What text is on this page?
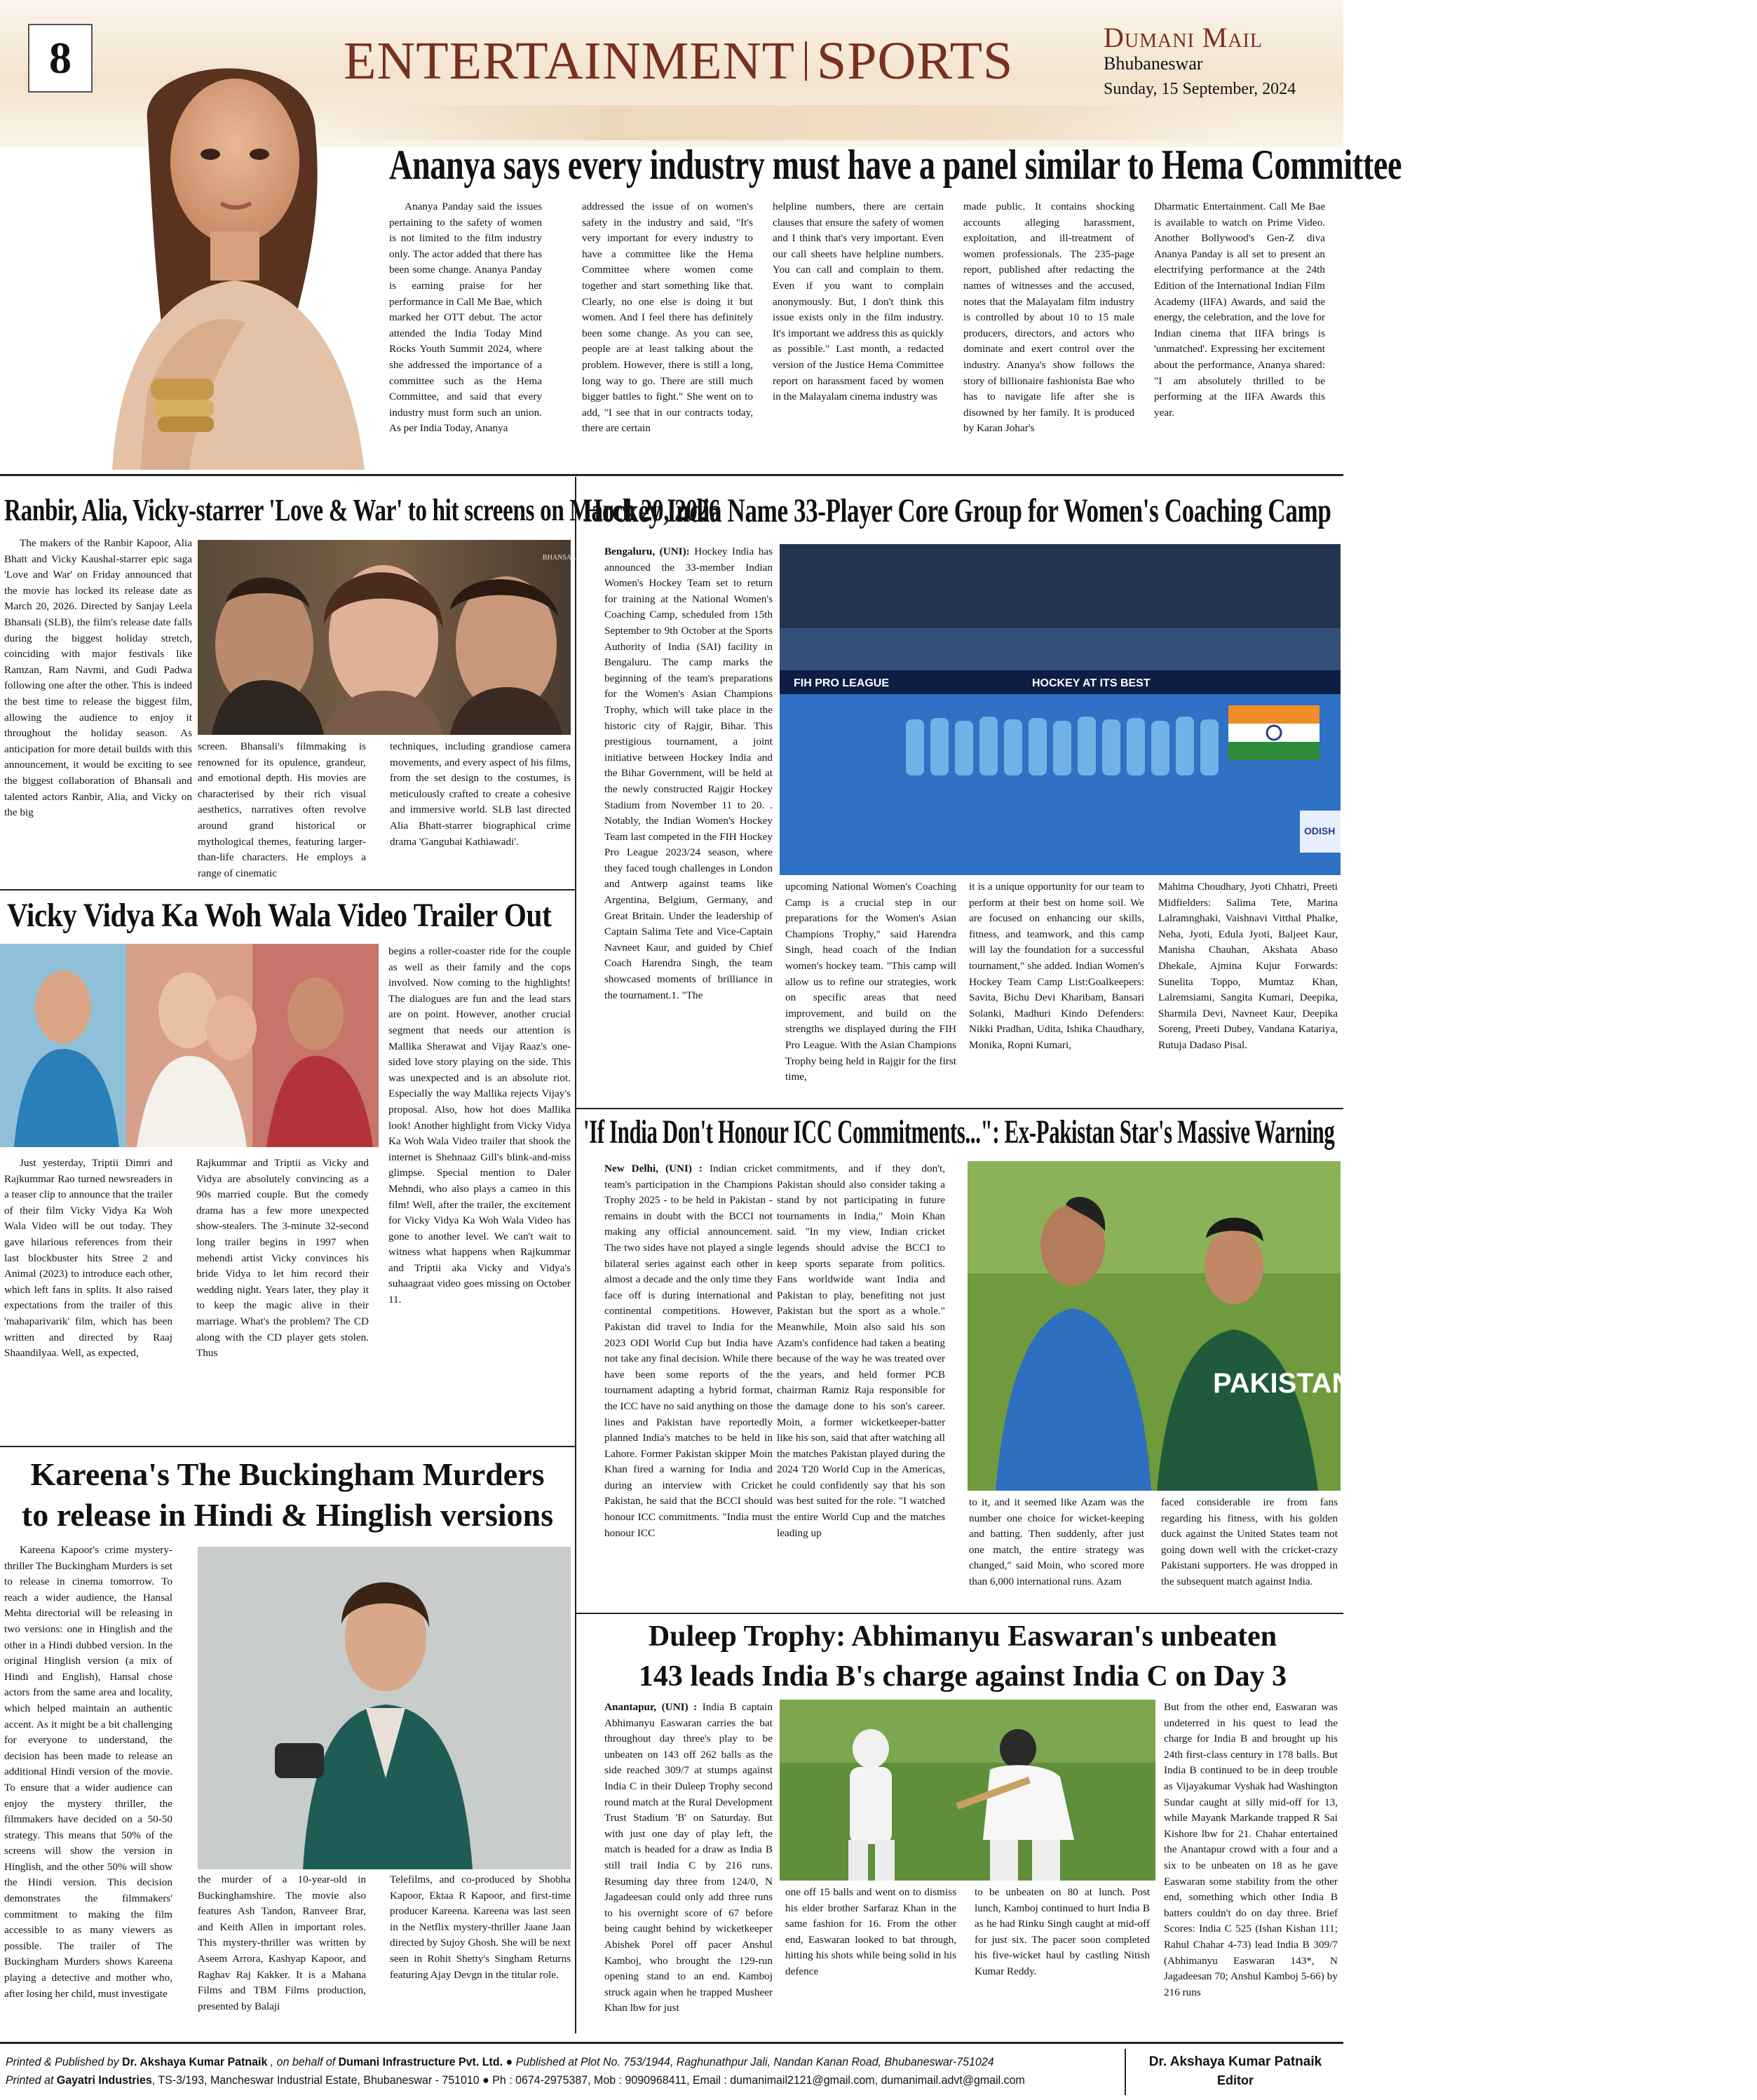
8	ENTERTAINMENT SPORTS	Dumani Mail
Bhubaneswar
Sunday, 15 September, 2024
Ananya says every industry must have a panel similar to Hema Committee

Ananya Panday said the issues pertaining to the safety of women is not limited to the film industry only. The actor added that there has been some change. Ananya Panday is earning praise for her performance in Call Me Bae, which marked her OTT debut. The actor attended the India Today Mind Rocks Youth Summit 2024, where she addressed the importance of a committee such as the Hema Committee, and said that every industry must form such an union. As per India Today, Ananya

addressed the issue of on women's safety in the industry and said, "It's very important for every industry to have a committee like the Hema Committee where women come together and start something like that. Clearly, no one else is doing it but women. And I feel there has definitely been some change. As you can see, people are at least talking about the problem. However, there is still a long, long way to go. There are still much bigger battles to fight." She went on to add, "I see that in our contracts today, there are certain

helpline numbers, there are certain clauses that ensure the safety of women and I think that's very important. Even our call sheets have helpline numbers. You can call and complain to them. Even if you want to complain anonymously. But, I don't think this issue exists only in the film industry. It's important we address this as quickly as possible." Last month, a redacted version of the Justice Hema Committee report on harassment faced by women in the Malayalam cinema industry was

made public. It contains shocking accounts alleging harassment, exploitation, and ill-treatment of women professionals. The 235-page report, published after redacting the names of witnesses and the accused, notes that the Malayalam film industry is controlled by about 10 to 15 male producers, directors, and actors who dominate and exert control over the industry. Ananya's show follows the story of billionaire fashionista Bae who has to navigate life after she is disowned by her family. It is produced by Karan Johar's

Dharmatic Entertainment. Call Me Bae is available to watch on Prime Video. Another Bollywood's Gen-Z diva Ananya Panday is all set to present an electrifying performance at the 24th Edition of the International Indian Film Academy (IIFA) Awards, and said the energy, the celebration, and the love for Indian cinema that IIFA brings is 'unmatched'. Expressing her excitement about the performance, Ananya shared: "I am absolutely thrilled to be performing at the IIFA Awards this year.

Ranbir, Alia, Vicky-starrer 'Love & War' to hit screens on March 20, 2026

The makers of the Ranbir Kapoor, Alia Bhatt and Vicky Kaushal-starrer epic saga 'Love and War' on Friday announced that the movie has locked its release date as March 20, 2026. Directed by Sanjay Leela Bhansali (SLB), the film's release date falls during the biggest holiday stretch, coinciding with major festivals like Ramzan, Ram Navmi, and Gudi Padwa following one after the other. This is indeed the best time to release the biggest film, allowing the audience to enjoy it throughout the holiday season. As anticipation for more detail builds with this announcement, it would be exciting to see the biggest collaboration of Bhansali and talented actors Ranbir, Alia, and Vicky on the big

BHANSALI

screen. Bhansali's filmmaking is renowned for its opulence, grandeur, and emotional depth. His movies are characterised by their rich visual aesthetics, narratives often revolve around grand historical or mythological themes, featuring larger-than-life characters. He employs a range of cinematic

techniques, including grandiose camera movements, and every aspect of his films, from the set design to the costumes, is meticulously crafted to create a cohesive and immersive world. SLB last directed Alia Bhatt-starrer biographical crime drama 'Gangubai Kathiawadi'.

Vicky Vidya Ka Woh Wala Video Trailer Out

Just yesterday, Triptii Dimri and Rajkummar Rao turned newsreaders in a teaser clip to announce that the trailer of their film Vicky Vidya Ka Woh Wala Video will be out today. They gave hilarious references from their last blockbuster hits Stree 2 and Animal (2023) to introduce each other, which left fans in splits. It also raised expectations from the trailer of this 'mahaparivarik' film, which has been written and directed by Raaj Shaandilyaa. Well, as expected,

Rajkummar and Triptii as Vicky and Vidya are absolutely convincing as a 90s married couple. But the comedy drama has a few more unexpected show-stealers. The 3-minute 32-second long trailer begins in 1997 when mehendi artist Vicky convinces his bride Vidya to let him record their wedding night. Years later, they play it to keep the magic alive in their marriage. What's the problem? The CD along with the CD player gets stolen. Thus

begins a roller-coaster ride for the couple as well as their family and the cops involved. Now coming to the highlights! The dialogues are fun and the lead stars are on point. However, another crucial segment that needs our attention is Mallika Sherawat and Vijay Raaz's one-sided love story playing on the side. This was unexpected and is an absolute riot. Especially the way Mallika rejects Vijay's proposal. Also, how hot does Mallika look! Another highlight from Vicky Vidya Ka Woh Wala Video trailer that shook the internet is Shehnaaz Gill's blink-and-miss glimpse. Special mention to Daler Mehndi, who also plays a cameo in this film! Well, after the trailer, the excitement for Vicky Vidya Ka Woh Wala Video has gone to another level. We can't wait to witness what happens when Rajkummar and Triptii aka Vicky and Vidya's suhaagraat video goes missing on October 11.

Kareena's The Buckingham Murders
to release in Hindi & Hinglish versions

Kareena Kapoor's crime mystery-thriller The Buckingham Murders is set to release in cinema tomorrow. To reach a wider audience, the Hansal Mehta directorial will be releasing in two versions: one in Hinglish and the other in a Hindi dubbed version. In the original Hinglish version (a mix of Hindi and English), Hansal chose actors from the same area and locality, which helped maintain an authentic accent. As it might be a bit challenging for everyone to understand, the decision has been made to release an additional Hindi version of the movie. To ensure that a wider audience can enjoy the mystery thriller, the filmmakers have decided on a 50-50 strategy. This means that 50% of the screens will show the version in Hinglish, and the other 50% will show the Hindi version. This decision demonstrates the filmmakers' commitment to making the film accessible to as many viewers as possible. The trailer of The Buckingham Murders shows Kareena playing a detective and mother who, after losing her child, must investigate

the murder of a 10-year-old in Buckinghamshire. The movie also features Ash Tandon, Ranveer Brar, and Keith Allen in important roles. This mystery-thriller was written by Aseem Arrora, Kashyap Kapoor, and Raghav Raj Kakker. It is a Mahana Films and TBM Films production, presented by Balaji

Telefilms, and co-produced by Shobha Kapoor, Ektaa R Kapoor, and first-time producer Kareena. Kareena was last seen in the Netflix mystery-thriller Jaane Jaan directed by Sujoy Ghosh. She will be next seen in Rohit Shetty's Singham Returns featuring Ajay Devgn in the titular role.

Hockey India Name 33-Player Core Group for Women's Coaching Camp
Bengaluru, (UNI): Hockey India has announced the 33-member Indian Women's Hockey Team set to return for training at the National Women's Coaching Camp, scheduled from 15th September to 9th October at the Sports Authority of India (SAI) facility in Bengaluru. The camp marks the beginning of the team's preparations for the Women's Asian Champions Trophy, which will take place in the historic city of Rajgir, Bihar. This prestigious tournament, a joint initiative between Hockey India and the Bihar Government, will be held at the newly constructed Rajgir Hockey Stadium from November 11 to 20. . Notably, the Indian Women's Hockey Team last competed in the FIH Hockey Pro League 2023/24 season, where they faced tough challenges in London and Antwerp against teams like Argentina, Belgium, Germany, and Great Britain. Under the leadership of Captain Salima Tete and Vice-Captain Navneet Kaur, and guided by Chief Coach Harendra Singh, the team showcased moments of brilliance in the tournament.1. "The
FIH PRO LEAGUE	HOCKEY AT ITS BEST
ODISH

upcoming National Women's Coaching Camp is a crucial step in our preparations for the Women's Asian Champions Trophy," said Harendra Singh, head coach of the Indian women's hockey team. "This camp will allow us to refine our strategies, work on specific areas that need improvement, and build on the strengths we displayed during the FIH Pro League. With the Asian Champions Trophy being held in Rajgir for the first time,

it is a unique opportunity for our team to perform at their best on home soil. We are focused on enhancing our skills, fitness, and teamwork, and this camp will lay the foundation for a successful tournament," she added. Indian Women's Hockey Team Camp List:Goalkeepers: Savita, Bichu Devi Kharibam, Bansari Solanki, Madhuri Kindo Defenders: Nikki Pradhan, Udita, Ishika Chaudhary, Monika, Ropni Kumari,

Mahima Choudhary, Jyoti Chhatri, Preeti Midfielders: Salima Tete, Marina Lalramnghaki, Vaishnavi Vitthal Phalke, Neha, Jyoti, Edula Jyoti, Baljeet Kaur, Manisha Chauhan, Akshata Abaso Dhekale, Ajmina Kujur Forwards: Sunelita Toppo, Mumtaz Khan, Lalremsiami, Sangita Kumari, Deepika, Sharmila Devi, Navneet Kaur, Deepika Soreng, Preeti Dubey, Vandana Katariya, Rutuja Dadaso Pisal.

'If India Don't Honour ICC Commitments...": Ex-Pakistan Star's Massive Warning
New Delhi, (UNI) : Indian cricket team's participation in the Champions Trophy 2025 - to be held in Pakistan - remains in doubt with the BCCI not making any official announcement. The two sides have not played a single bilateral series against each other in almost a decade and the only time they face off is during international and continental competitions. However, Pakistan did travel to India for the 2023 ODI World Cup but India have not take any final decision. While there have been some reports of the tournament adapting a hybrid format, the ICC have no said anything on those lines and Pakistan have reportedly planned India's matches to be held in Lahore. Former Pakistan skipper Moin Khan fired a warning for India and during an interview with Cricket Pakistan, he said that the BCCI should honour ICC commitments. "India must honour ICC

commitments, and if they don't, Pakistan should also consider taking a stand by not participating in future tournaments in India," Moin Khan said. "In my view, Indian cricket legends should advise the BCCI to keep sports separate from politics. Fans worldwide want India and Pakistan to play, benefiting not just Pakistan but the sport as a whole." Meanwhile, Moin also said his son Azam's confidence had taken a beating because of the way he was treated over the years, and held former PCB chairman Ramiz Raja responsible for the damage done to his son's career. Moin, a former wicketkeeper-batter like his son, said that after watching all the matches Pakistan played during the 2024 T20 World Cup in the Americas, he could confidently say that his son was best suited for the role. "I watched the entire World Cup and the matches leading up

PAKISTAN

to it, and it seemed like Azam was the number one choice for wicket-keeping and batting. Then suddenly, after just one match, the entire strategy was changed," said Moin, who scored more than 6,000 international runs. Azam

faced considerable ire from fans regarding his fitness, with his golden duck against the United States team not going down well with the cricket-crazy Pakistani supporters. He was dropped in the subsequent match against India.

Duleep Trophy: Abhimanyu Easwaran's unbeaten
143 leads India B's charge against India C on Day 3
Anantapur, (UNI) : India B captain Abhimanyu Easwaran carries the bat throughout day three's play to be unbeaten on 143 off 262 balls as the side reached 309/7 at stumps against India C in their Duleep Trophy second round match at the Rural Development Trust Stadium 'B' on Saturday. But with just one day of play left, the match is headed for a draw as India B still trail India C by 216 runs. Resuming day three from 124/0, N Jagadeesan could only add three runs to his overnight score of 67 before being caught behind by wicketkeeper Abishek Porel off pacer Anshul Kamboj, who brought the 129-run opening stand to an end. Kamboj struck again when he trapped Musheer Khan lbw for just

one off 15 balls and went on to dismiss his elder brother Sarfaraz Khan in the same fashion for 16. From the other end, Easwaran looked to bat through, hitting his shots while being solid in his defence

to be unbeaten on 80 at lunch. Post lunch, Kamboj continued to hurt India B as he had Rinku Singh caught at mid-off for just six. The pacer soon completed his five-wicket haul by castling Nitish Kumar Reddy.

But from the other end, Easwaran was undeterred in his quest to lead the charge for India B and brought up his 24th first-class century in 178 balls. But India B continued to be in deep trouble as Vijayakumar Vyshak had Washington Sundar caught at silly mid-off for 13, while Mayank Markande trapped R Sai Kishore lbw for 21. Chahar entertained the Anantapur crowd with a four and a six to be unbeaten on 18 as he gave Easwaran some stability from the other end, something which other India B batters couldn't do on day three. Brief Scores: India C 525 (Ishan Kishan 111; Rahul Chahar 4-73) lead India B 309/7 (Abhimanyu Easwaran 143*, N Jagadeesan 70; Anshul Kamboj 5-66) by 216 runs

Printed & Published by Dr. Akshaya Kumar Patnaik , on behalf of Dumani Infrastructure Pvt. Ltd. ● Published at Plot No. 753/1944, Raghunathpur Jali, Nandan Kanan Road, Bhubaneswar-751024
Printed at Gayatri Industries, TS-3/193, Mancheswar Industrial Estate, Bhubaneswar - 751010 ● Ph : 0674-2975387, Mob : 9090968411, Email : dumanimail2121@gmail.com, dumanimail.advt@gmail.com
Dr. Akshaya Kumar Patnaik
Editor
